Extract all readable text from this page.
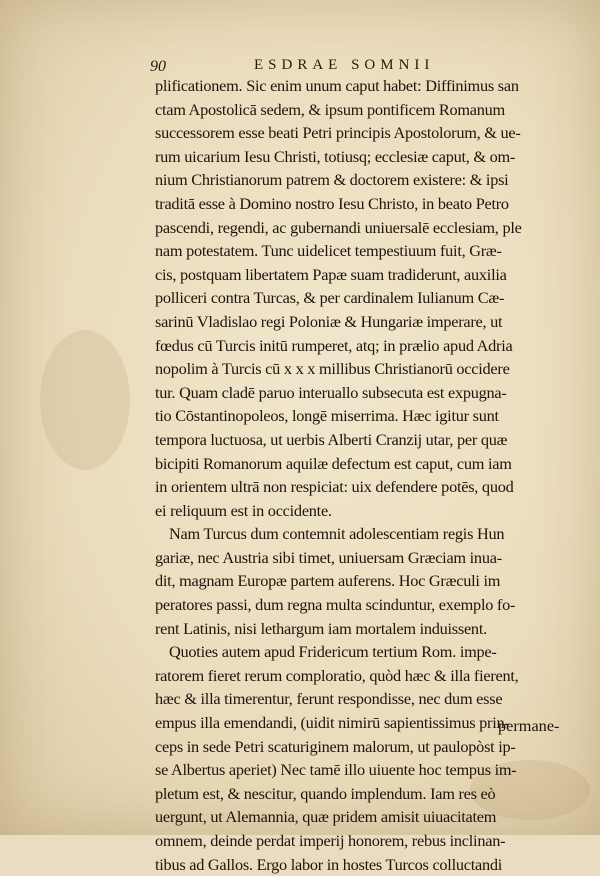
90	ESDRAE SOMNII
plificationem. Sic enim unum caput habet: Diffinimus san
ctam Apostolicā sedem, & ipsum pontificem Romanum
successorem esse beati Petri principis Apostolorum, & ue-
rum uicarium Iesu Christi, totiusq; ecclesiæ caput, & om-
nium Christianorum patrem & doctorem existere: & ipsi
traditā esse à Domino nostro Iesu Christo, in beato Petro
pascendi, regendi, ac gubernandi uniuersalē ecclesiam, ple
nam potestatem. Tunc uidelicet tempestiuum fuit, Græ-
cis, postquam libertatem Papæ suam tradiderunt, auxilia
polliceri contra Turcas, & per cardinalem Iulianum Cæ-
sarinū Vladislao regi Poloniæ & Hungariæ imperare, ut
fœdus cū Turcis initū rumperet, atq; in prælio apud Adria
nopolim à Turcis cū x x x millibus Christianorū occidere
tur. Quam cladē paruo interuallo subsecuta est expugna-
tio Cōstantinopoleos, longē miserrima. Hæc igitur sunt
tempora luctuosa, ut uerbis Alberti Cranzij utar, per quæ
bicipiti Romanorum aquilæ defectum est caput, cum iam
in orientem ultrā non respiciat: uix defendere potēs, quod
ei reliquum est in occidente.
Nam Turcus dum contemnit adolescentiam regis Hun
gariæ, nec Austria sibi timet, uniuersam Græciam inua-
dit, magnam Europæ partem auferens. Hoc Græculi im
peratores passi, dum regna multa scinduntur, exemplo fo-
rent Latinis, nisi lethargum iam mortalem induissent.
Quoties autem apud Fridericum tertium Rom. impe-
ratorem fieret rerum comploratio, quòd hæc & illa fierent,
hæc & illa timerentur, ferunt respondisse, nec dum esse
empus illa emendandi, (uidit nimirū sapientissimus prin-
ceps in sede Petri scaturiginem malorum, ut paulopòst ip-
se Albertus aperiet) Nec tamē illo uiuente hoc tempus im-
pletum est, & nescitur, quando implendum. Iam res eò
uergunt, ut Alemannia, quæ pridem amisit uiuacitatem
omnem, deinde perdat imperij honorem, rebus inclinan-
tibus ad Gallos. Ergo labor in hostes Turcos colluctandi
permane-
